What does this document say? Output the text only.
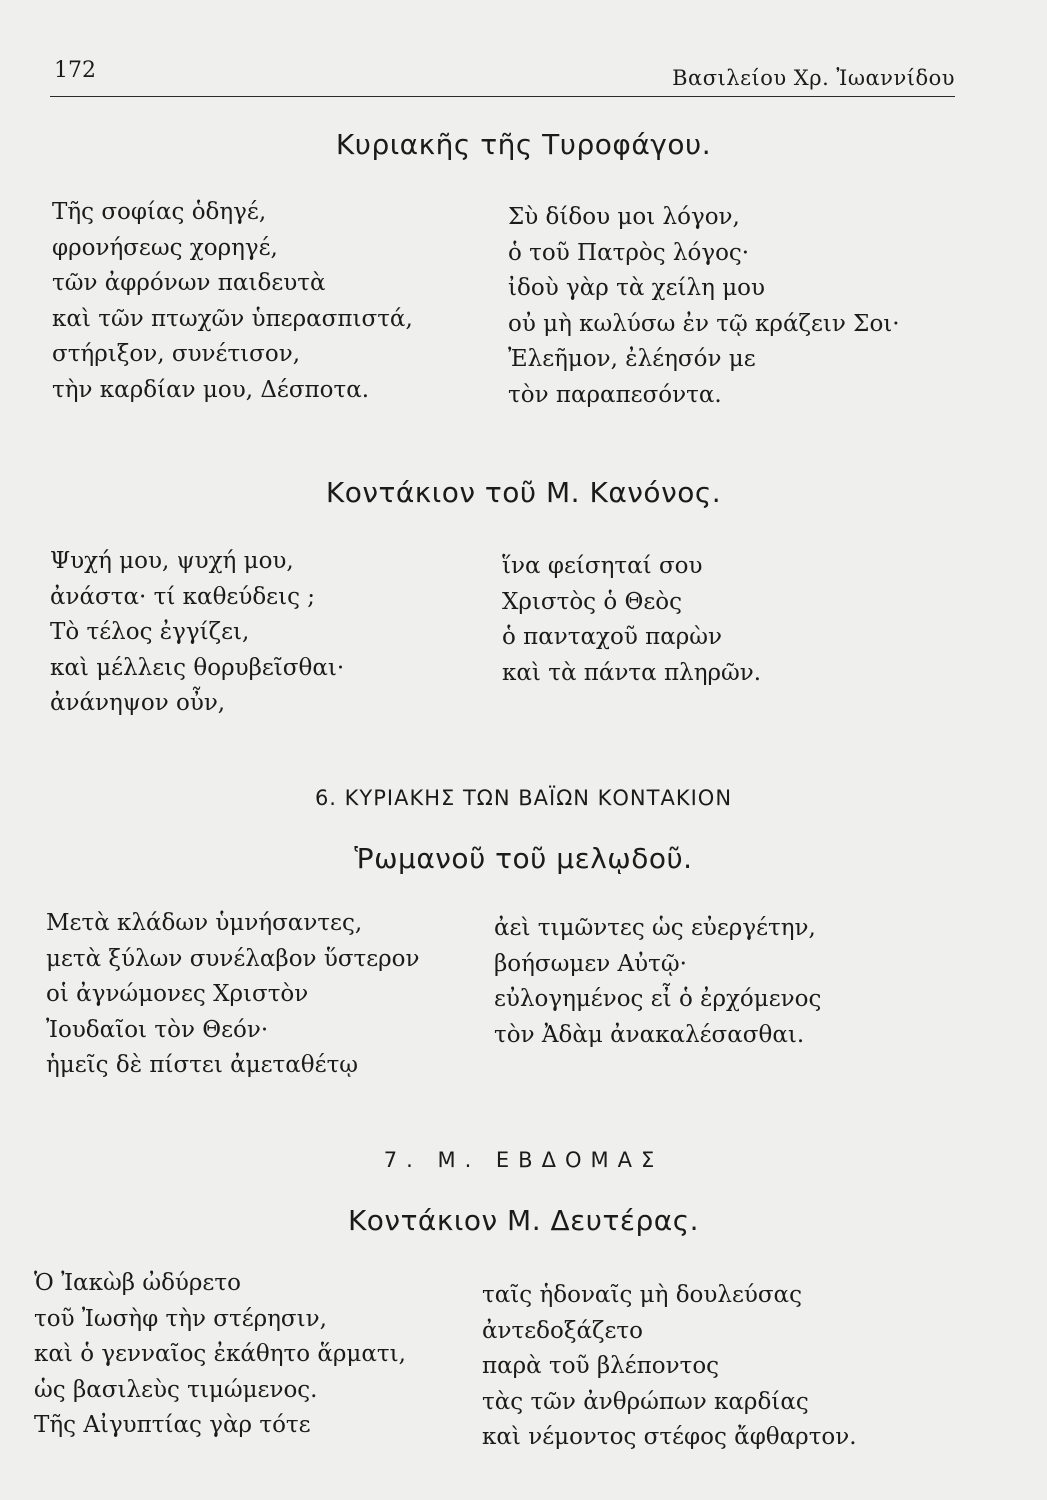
172	Βασιλείου Χρ. Ἰωαννίδου
Κυριακῆς τῆς Τυροφάγου.
Τῆς σοφίας ὁδηγέ,
φρονήσεως χορηγέ,
τῶν ἀφρόνων παιδευτὰ
καὶ τῶν πτωχῶν ὑπερασπιστά,
στήριξον, συνέτισον,
τὴν καρδίαν μου, Δέσποτα.
Σὺ δίδου μοι λόγον,
ὁ τοῦ Πατρὸς λόγος·
ἰδοὺ γὰρ τὰ χείλη μου
οὐ μὴ κωλύσω ἐν τῷ κράζειν Σοι·
Ἐλεῆμον, ἐλέησόν με
τὸν παραπεσόντα.
Κοντάκιον τοῦ Μ. Κανόνος.
Ψυχή μου, ψυχή μου,
ἀνάστα· τί καθεύδεις ;
Τὸ τέλος ἐγγίζει,
καὶ μέλλεις θορυβεῖσθαι·
ἀνάνηψον οὖν,
ἵνα φείσηταί σου
Χριστὸς ὁ Θεὸς
ὁ πανταχοῦ παρὼν
καὶ τὰ πάντα πληρῶν.
6. ΚΥΡΙΑΚΗΣ ΤΩΝ ΒΑΪΩΝ ΚΟΝΤΑΚΙΟΝ
Ῥωμανοῦ τοῦ μελῳδοῦ.
Μετὰ κλάδων ὑμνήσαντες,
μετὰ ξύλων συνέλαβον ὕστερον
οἱ ἀγνώμονες Χριστὸν
Ἰουδαῖοι τὸν Θεόν·
ἡμεῖς δὲ πίστει ἀμεταθέτῳ
ἀεὶ τιμῶντες ὡς εὐεργέτην,
βοήσωμεν Αὐτῷ·
εὐλογημένος εἶ ὁ ἐρχόμενος
τὸν Ἀδὰμ ἀνακαλέσασθαι.
7. Μ. ΕΒΔΟΜΑΣ
Κοντάκιον Μ. Δευτέρας.
Ὁ Ἰακὼβ ὠδύρετο
τοῦ Ἰωσὴφ τὴν στέρησιν,
καὶ ὁ γενναῖος ἐκάθητο ἅρματι,
ὡς βασιλεὺς τιμώμενος.
Τῆς Αἰγυπτίας γὰρ τότε
ταῖς ἡδοναῖς μὴ δουλεύσας
ἀντεδοξάζετο
παρὰ τοῦ βλέποντος
τὰς τῶν ἀνθρώπων καρδίας
καὶ νέμοντος στέφος ἄφθαρτον.
